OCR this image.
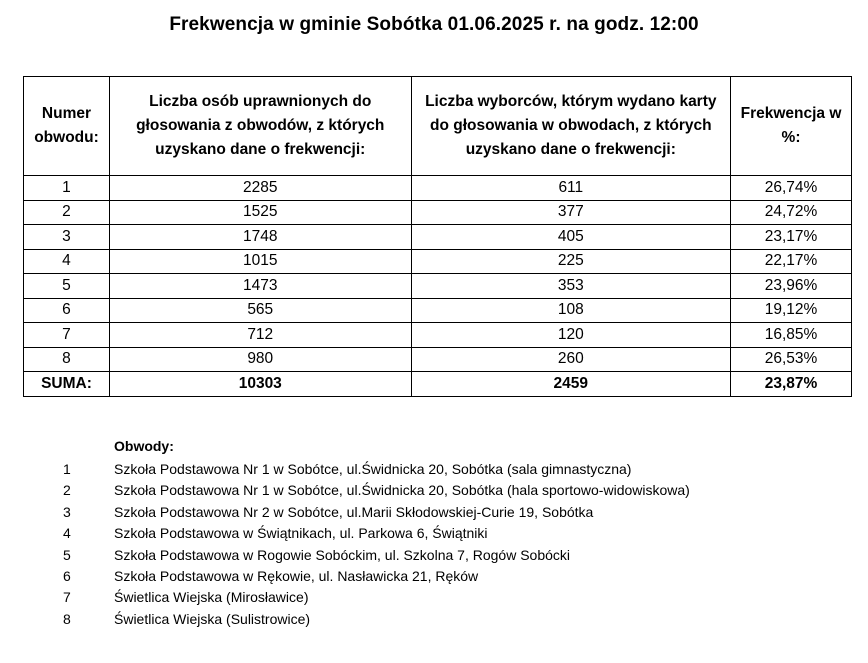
Frekwencja w gminie Sobótka 01.06.2025 r. na godz. 12:00
Numer obwodu:	Liczba osób uprawnionych do głosowania z obwodów, z których uzyskano dane o frekwencji:	Liczba wyborców, którym wydano karty do głosowania w obwodach, z których uzyskano dane o frekwencji:	Frekwencja w %:
1	2285	611	26,74%
2	1525	377	24,72%
3	1748	405	23,17%
4	1015	225	22,17%
5	1473	353	23,96%
6	565	108	19,12%
7	712	120	16,85%
8	980	260	26,53%
SUMA:	10303	2459	23,87%
Obwody:
1	Szkoła Podstawowa Nr 1 w Sobótce, ul.Świdnicka 20, Sobótka (sala gimnastyczna)
2	Szkoła Podstawowa Nr 1 w Sobótce, ul.Świdnicka 20, Sobótka (hala sportowo-widowiskowa)
3	Szkoła Podstawowa Nr 2 w Sobótce, ul.Marii Skłodowskiej-Curie 19, Sobótka
4	Szkoła Podstawowa w Świątnikach, ul. Parkowa 6, Świątniki
5	Szkoła Podstawowa w Rogowie Sobóckim, ul. Szkolna 7, Rogów Sobócki
6	Szkoła Podstawowa w Rękowie, ul. Nasławicka 21, Ręków
7	Świetlica Wiejska (Mirosławice)
8	Świetlica Wiejska (Sulistrowice)
